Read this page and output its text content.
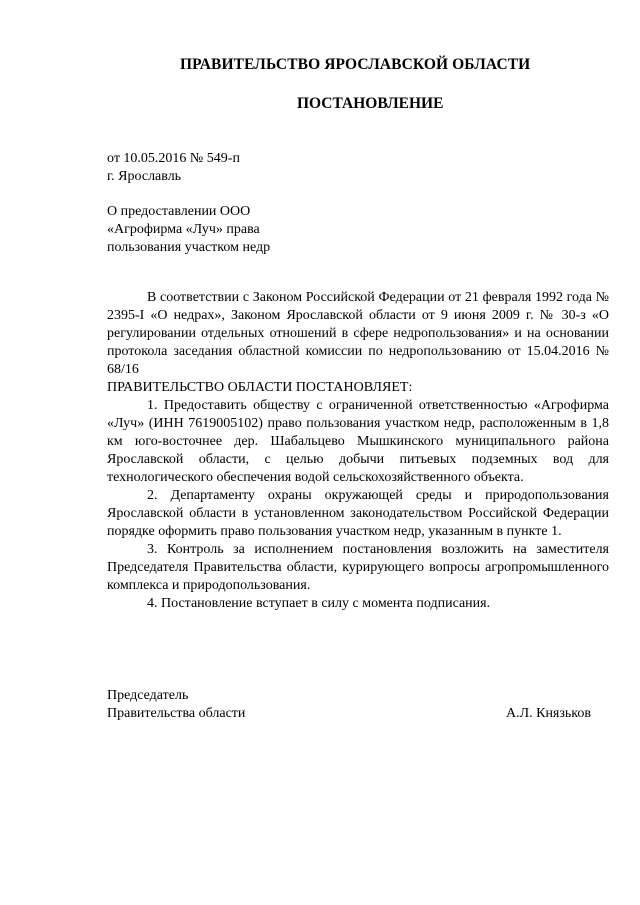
ПРАВИТЕЛЬСТВО ЯРОСЛАВСКОЙ ОБЛАСТИ
ПОСТАНОВЛЕНИЕ
от 10.05.2016 № 549-п
г. Ярославль
О предоставлении ООО
«Агрофирма «Луч» права
пользования участком недр

В соответствии с Законом Российской Федерации от 21 февраля 1992 года № 2395-I «О недрах», Законом Ярославской области от 9 июня 2009 г. № 30-з «О регулировании отдельных отношений в сфере недропользования» и на основании протокола заседания областной комиссии по недропользованию от 15.04.2016 № 68/16

ПРАВИТЕЛЬСТВО ОБЛАСТИ ПОСТАНОВЛЯЕТ:

1. Предоставить обществу с ограниченной ответственностью «Агрофирма «Луч» (ИНН 7619005102) право пользования участком недр, расположенным в 1,8 км юго-восточнее дер. Шабальцево Мышкинского муниципального района Ярославской области, с целью добычи питьевых подземных вод для технологического обеспечения водой сельскохозяйственного объекта.

2. Департаменту охраны окружающей среды и природопользования Ярославской области в установленном законодательством Российской Федерации порядке оформить право пользования участком недр, указанным в пункте 1.

3. Контроль за исполнением постановления возложить на заместителя Председателя Правительства области, курирующего вопросы агропромышленного комплекса и природопользования.

4. Постановление вступает в силу с момента подписания.

Председатель
Правительства области	А.Л. Князьков
